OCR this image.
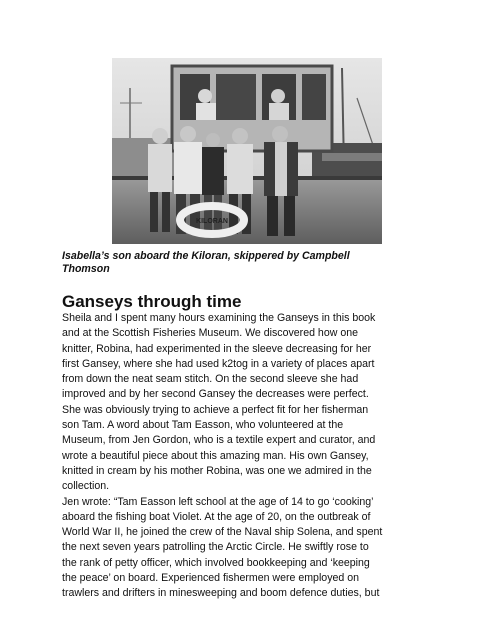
KILORAN

Isabella’s son aboard the Kiloran, skippered by Campbell
Thomson

Ganseys through time
Sheila and I spent many hours examining the Ganseys in this book
and at the Scottish Fisheries Museum. We discovered how one
knitter, Robina, had experimented in the sleeve decreasing for her
first Gansey, where she had used k2tog in a variety of places apart
from down the neat seam stitch. On the second sleeve she had
improved and by her second Gansey the decreases were perfect.
She was obviously trying to achieve a perfect fit for her fisherman
son Tam. A word about Tam Easson, who volunteered at the
Museum, from Jen Gordon, who is a textile expert and curator, and
wrote a beautiful piece about this amazing man. His own Gansey,
knitted in cream by his mother Robina, was one we admired in the
collection.
Jen wrote: “Tam Easson left school at the age of 14 to go ‘cooking’
aboard the fishing boat Violet. At the age of 20, on the outbreak of
World War II, he joined the crew of the Naval ship Solena, and spent
the next seven years patrolling the Arctic Circle. He swiftly rose to
the rank of petty officer, which involved bookkeeping and ‘keeping
the peace’ on board. Experienced fishermen were employed on
trawlers and drifters in minesweeping and boom defence duties, but
